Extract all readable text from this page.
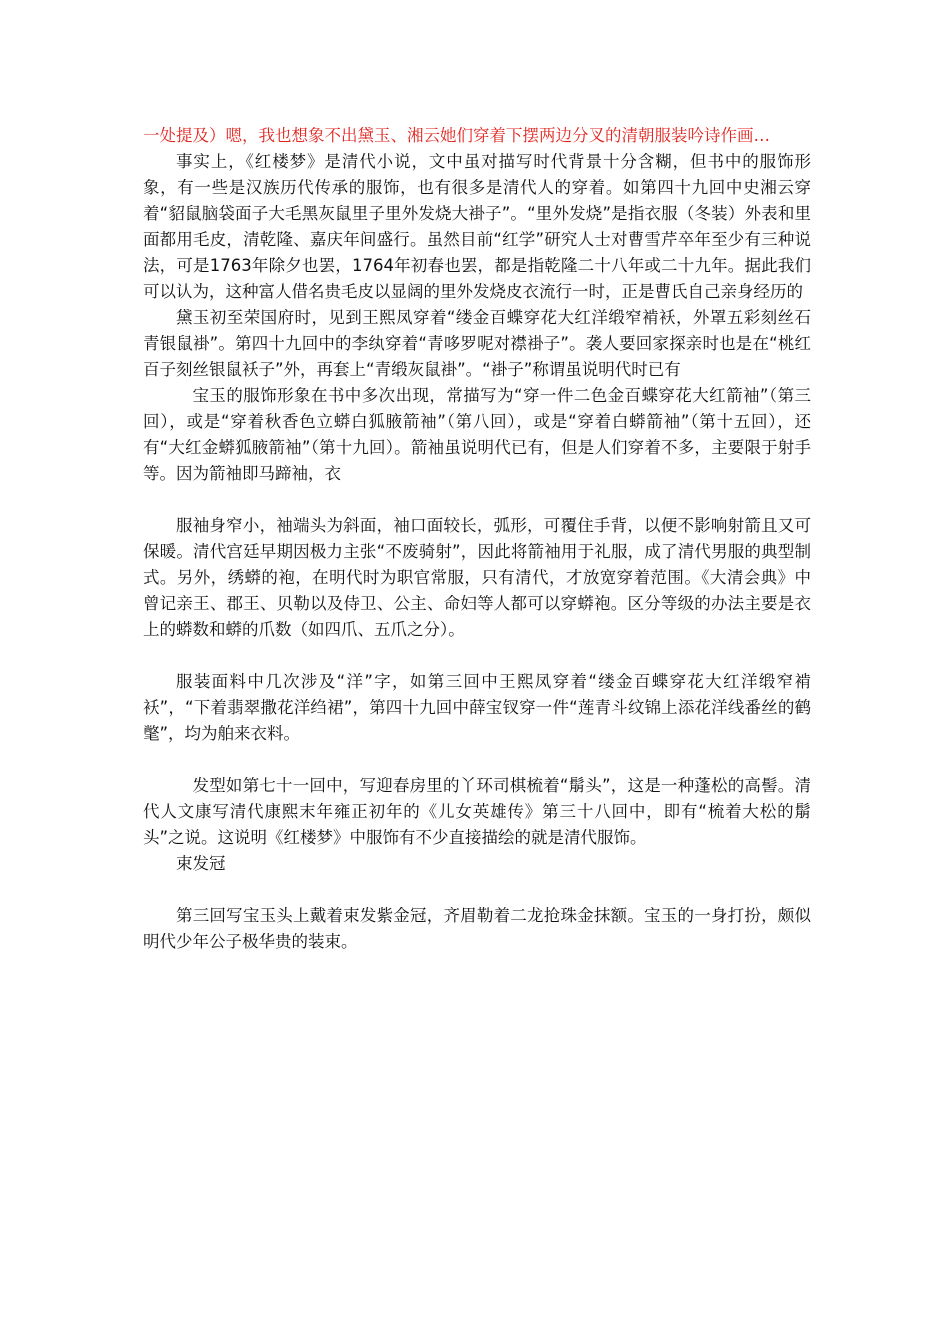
一处提及）嗯，我也想象不出黛玉、湘云她们穿着下摆两边分叉的清朝服装吟诗作画…

事实上，《红楼梦》是清代小说，文中虽对描写时代背景十分含糊，但书中的服饰形象，有一些是汉族历代传承的服饰，也有很多是清代人的穿着。如第四十九回中史湘云穿着“貂鼠脑袋面子大毛黑灰鼠里子里外发烧大褂子”。“里外发烧”是指衣服（冬装）外表和里面都用毛皮，清乾隆、嘉庆年间盛行。虽然目前“红学”研究人士对曹雪芹卒年至少有三种说法，可是1763年除夕也罢，1764年初春也罢，都是指乾隆二十八年或二十九年。据此我们可以认为，这种富人借名贵毛皮以显阔的里外发烧皮衣流行一时，正是曹氏自己亲身经历的

黛玉初至荣国府时，见到王熙凤穿着“缕金百蝶穿花大红洋缎窄褃袄，外罩五彩刻丝石青银鼠褂”。第四十九回中的李纨穿着“青哆罗呢对襟褂子”。袭人要回家探亲时也是在“桃红百子刻丝银鼠袄子”外，再套上“青缎灰鼠褂”。“褂子”称谓虽说明代时已有

宝玉的服饰形象在书中多次出现，常描写为“穿一件二色金百蝶穿花大红箭袖”（第三回），或是“穿着秋香色立蟒白狐腋箭袖”（第八回），或是“穿着白蟒箭袖”（第十五回），还有“大红金蟒狐腋箭袖”（第十九回）。箭袖虽说明代已有，但是人们穿着不多，主要限于射手等。因为箭袖即马蹄袖，衣

服袖身窄小，袖端头为斜面，袖口面较长，弧形，可覆住手背，以便不影响射箭且又可保暖。清代宫廷早期因极力主张“不废骑射”，因此将箭袖用于礼服，成了清代男服的典型制式。另外，绣蟒的袍，在明代时为职官常服，只有清代，才放宽穿着范围。《大清会典》中曾记亲王、郡王、贝勒以及侍卫、公主、命妇等人都可以穿蟒袍。区分等级的办法主要是衣上的蟒数和蟒的爪数（如四爪、五爪之分）。

服装面料中几次涉及“洋”字，如第三回中王熙凤穿着“缕金百蝶穿花大红洋缎窄褃袄”，“下着翡翠撒花洋绉裙”，第四十九回中薛宝钗穿一件“莲青斗纹锦上添花洋线番丝的鹤氅”，均为舶来衣料。

发型如第七十一回中，写迎春房里的丫环司棋梳着“鬅头”，这是一种蓬松的高髻。清代人文康写清代康熙末年雍正初年的《儿女英雄传》第三十八回中，即有“梳着大松的鬅头”之说。这说明《红楼梦》中服饰有不少直接描绘的就是清代服饰。

束发冠

第三回写宝玉头上戴着束发紫金冠，齐眉勒着二龙抢珠金抹额。宝玉的一身打扮，颇似明代少年公子极华贵的装束。
